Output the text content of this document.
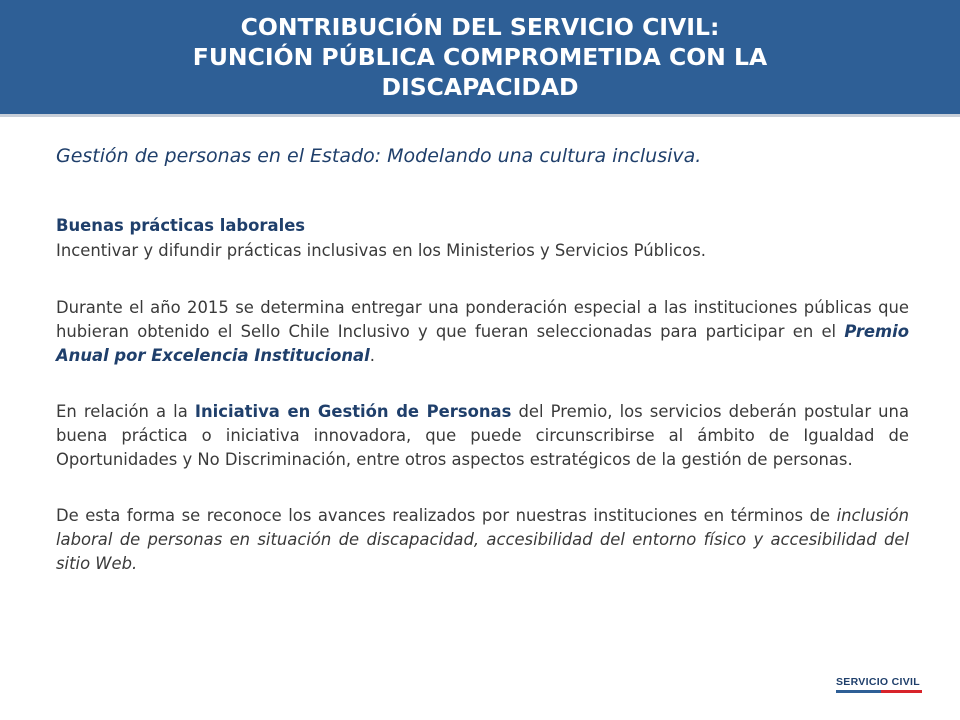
CONTRIBUCIÓN DEL SERVICIO CIVIL:
FUNCIÓN PÚBLICA COMPROMETIDA CON LA
DISCAPACIDAD
Gestión de personas en el Estado: Modelando una cultura inclusiva.

Buenas prácticas laborales

Incentivar y difundir prácticas inclusivas en los Ministerios y Servicios Públicos.

Durante el año 2015 se determina entregar una ponderación especial a las instituciones públicas que hubieran obtenido el Sello Chile Inclusivo y que fueran seleccionadas para participar en el Premio Anual por Excelencia Institucional.

En relación a la Iniciativa en Gestión de Personas del Premio, los servicios deberán postular una buena práctica o iniciativa innovadora, que puede circunscribirse al ámbito de Igualdad de Oportunidades y No Discriminación, entre otros aspectos estratégicos de la gestión de personas.

De esta forma se reconoce los avances realizados por nuestras instituciones en términos de inclusión laboral de personas en situación de discapacidad, accesibilidad del entorno físico y accesibilidad del sitio Web.

SERVICIO CIVIL
